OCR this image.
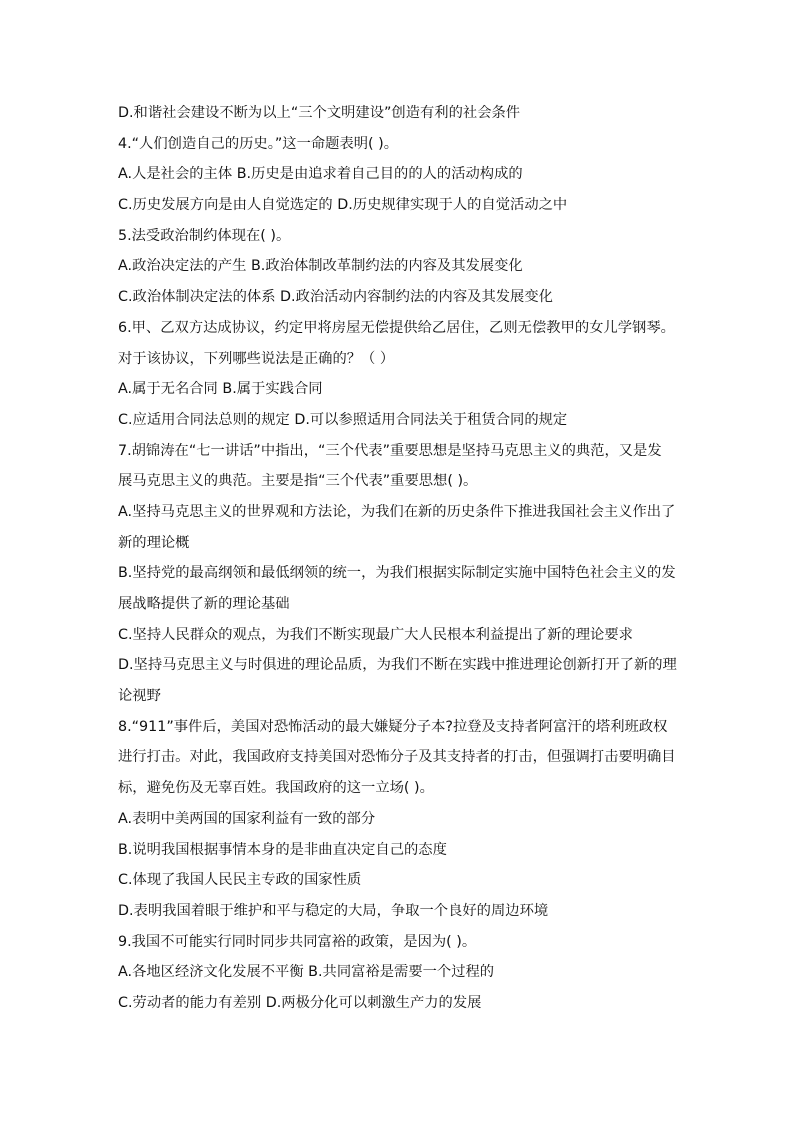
D.和谐社会建设不断为以上“三个文明建设”创造有利的社会条件
4.“人们创造自己的历史。”这一命题表明( )。
A.人是社会的主体 B.历史是由追求着自己目的的人的活动构成的
C.历史发展方向是由人自觉选定的 D.历史规律实现于人的自觉活动之中
5.法受政治制约体现在( )。
A.政治决定法的产生 B.政治体制改革制约法的内容及其发展变化
C.政治体制决定法的体系 D.政治活动内容制约法的内容及其发展变化
6.甲、乙双方达成协议，约定甲将房屋无偿提供给乙居住，乙则无偿教甲的女儿学钢琴。
对于该协议，下列哪些说法是正确的？（ ）
A.属于无名合同 B.属于实践合同
C.应适用合同法总则的规定 D.可以参照适用合同法关于租赁合同的规定
7.胡锦涛在“七一讲话”中指出，“三个代表”重要思想是坚持马克思主义的典范，又是发
展马克思主义的典范。主要是指“三个代表”重要思想( )。
A.坚持马克思主义的世界观和方法论，为我们在新的历史条件下推进我国社会主义作出了
新的理论概
B.坚持党的最高纲领和最低纲领的统一，为我们根据实际制定实施中国特色社会主义的发
展战略提供了新的理论基础
C.坚持人民群众的观点，为我们不断实现最广大人民根本利益提出了新的理论要求
D.坚持马克思主义与时俱进的理论品质，为我们不断在实践中推进理论创新打开了新的理
论视野
8.“911”事件后，美国对恐怖活动的最大嫌疑分子本?拉登及支持者阿富汗的塔利班政权
进行打击。对此，我国政府支持美国对恐怖分子及其支持者的打击，但强调打击要明确目
标，避免伤及无辜百姓。我国政府的这一立场( )。
A.表明中美两国的国家利益有一致的部分
B.说明我国根据事情本身的是非曲直决定自己的态度
C.体现了我国人民民主专政的国家性质
D.表明我国着眼于维护和平与稳定的大局，争取一个良好的周边环境
9.我国不可能实行同时同步共同富裕的政策，是因为( )。
A.各地区经济文化发展不平衡 B.共同富裕是需要一个过程的
C.劳动者的能力有差别 D.两极分化可以刺激生产力的发展
